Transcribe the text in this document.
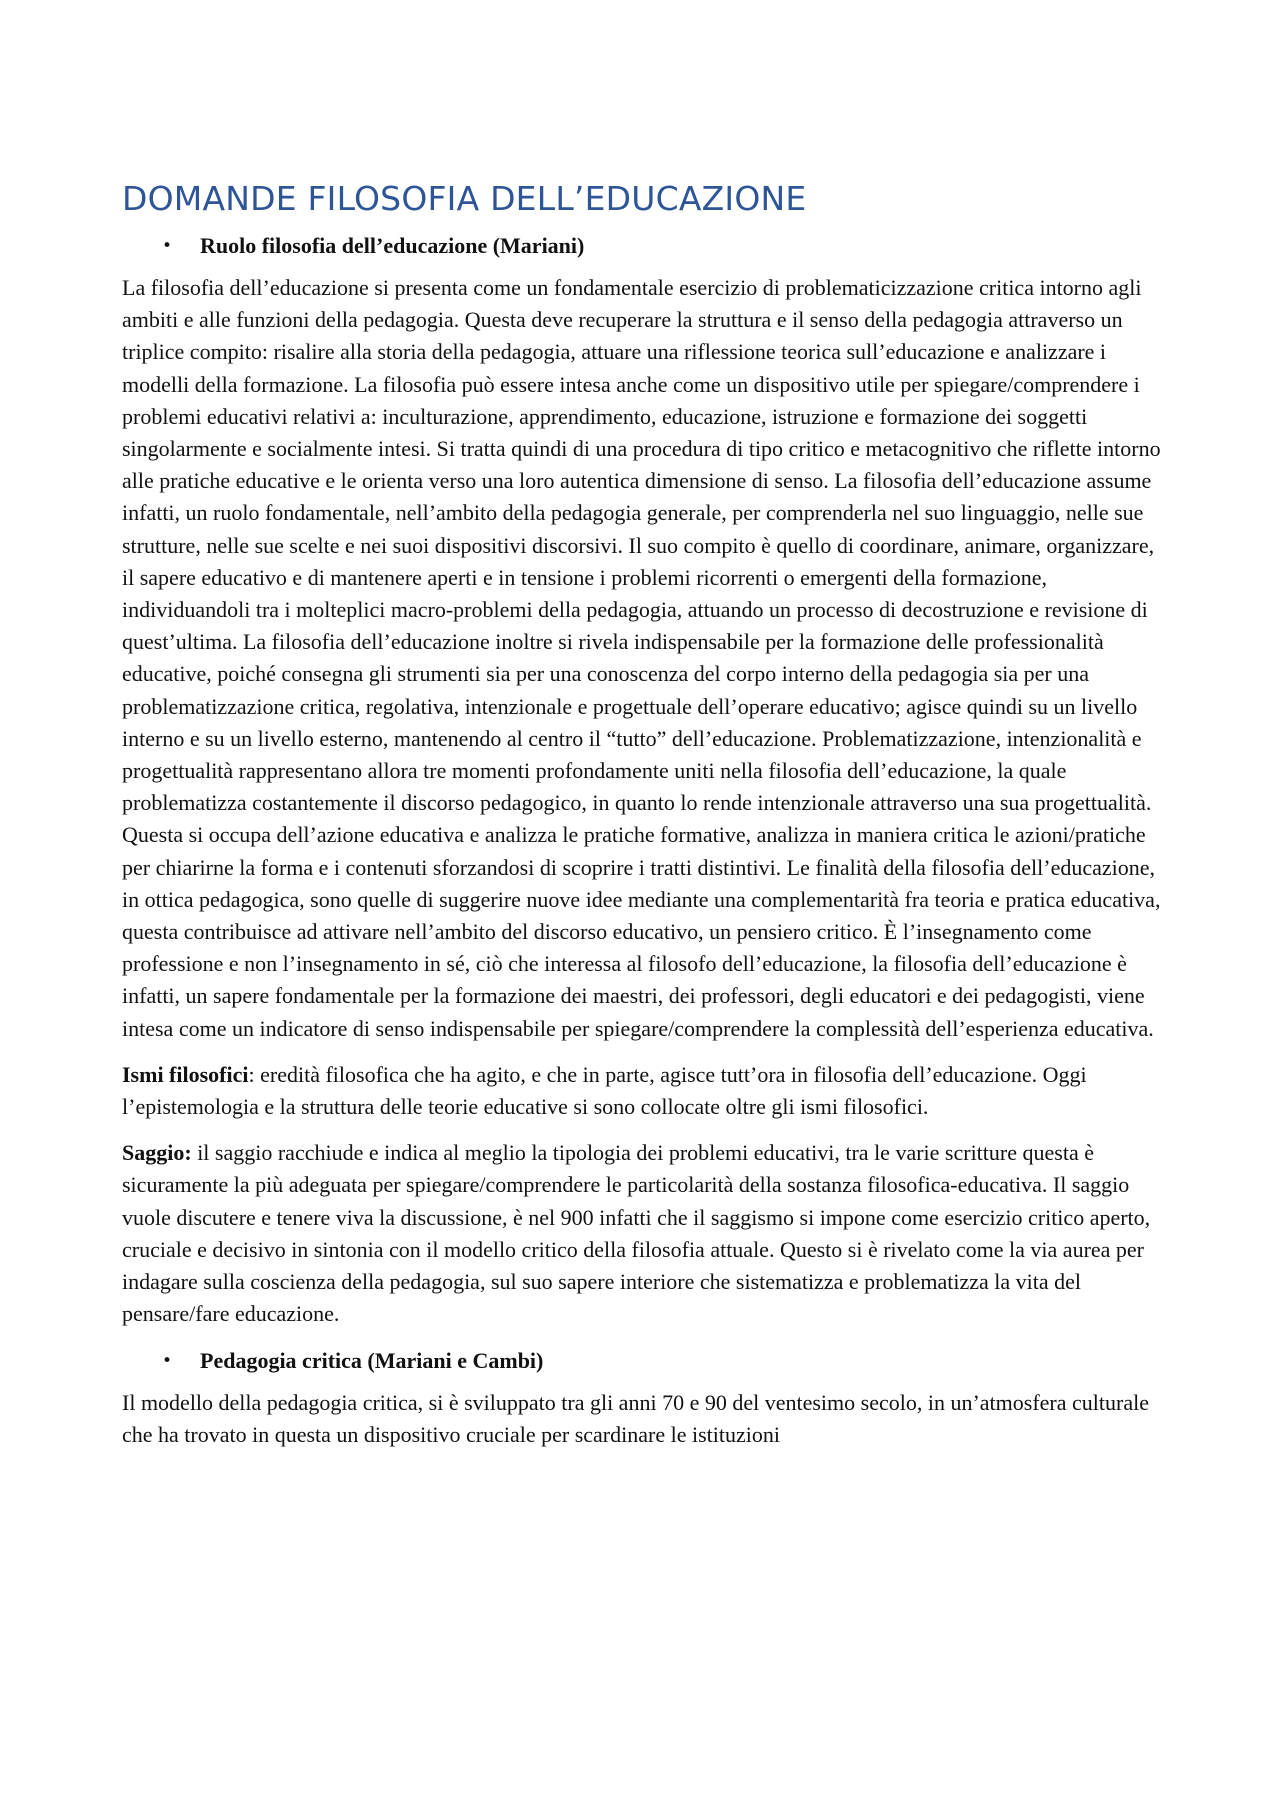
DOMANDE FILOSOFIA DELL’EDUCAZIONE
• Ruolo filosofia dell’educazione (Mariani)

La filosofia dell’educazione si presenta come un fondamentale esercizio di problematicizzazione critica intorno agli ambiti e alle funzioni della pedagogia. Questa deve recuperare la struttura e il senso della pedagogia attraverso un triplice compito: risalire alla storia della pedagogia, attuare una riflessione teorica sull’educazione e analizzare i modelli della formazione. La filosofia può essere intesa anche come un dispositivo utile per spiegare/comprendere i problemi educativi relativi a: inculturazione, apprendimento, educazione, istruzione e formazione dei soggetti singolarmente e socialmente intesi. Si tratta quindi di una procedura di tipo critico e metacognitivo che riflette intorno alle pratiche educative e le orienta verso una loro autentica dimensione di senso. La filosofia dell’educazione assume infatti, un ruolo fondamentale, nell’ambito della pedagogia generale, per comprenderla nel suo linguaggio, nelle sue strutture, nelle sue scelte e nei suoi dispositivi discorsivi. Il suo compito è quello di coordinare, animare, organizzare, il sapere educativo e di mantenere aperti e in tensione i problemi ricorrenti o emergenti della formazione, individuandoli tra i molteplici macro-problemi della pedagogia, attuando un processo di decostruzione e revisione di quest’ultima. La filosofia dell’educazione inoltre si rivela indispensabile per la formazione delle professionalità educative, poiché consegna gli strumenti sia per una conoscenza del corpo interno della pedagogia sia per una problematizzazione critica, regolativa, intenzionale e progettuale dell’operare educativo; agisce quindi su un livello interno e su un livello esterno, mantenendo al centro il “tutto” dell’educazione. Problematizzazione, intenzionalità e progettualità rappresentano allora tre momenti profondamente uniti nella filosofia dell’educazione, la quale problematizza costantemente il discorso pedagogico, in quanto lo rende intenzionale attraverso una sua progettualità. Questa si occupa dell’azione educativa e analizza le pratiche formative, analizza in maniera critica le azioni/pratiche per chiarirne la forma e i contenuti sforzandosi di scoprire i tratti distintivi. Le finalità della filosofia dell’educazione, in ottica pedagogica, sono quelle di suggerire nuove idee mediante una complementarità fra teoria e pratica educativa, questa contribuisce ad attivare nell’ambito del discorso educativo, un pensiero critico. È l’insegnamento come professione e non l’insegnamento in sé, ciò che interessa al filosofo dell’educazione, la filosofia dell’educazione è infatti, un sapere fondamentale per la formazione dei maestri, dei professori, degli educatori e dei pedagogisti, viene intesa come un indicatore di senso indispensabile per spiegare/comprendere la complessità dell’esperienza educativa.

Ismi filosofici: eredità filosofica che ha agito, e che in parte, agisce tutt’ora in filosofia dell’educazione. Oggi l’epistemologia e la struttura delle teorie educative si sono collocate oltre gli ismi filosofici.

Saggio: il saggio racchiude e indica al meglio la tipologia dei problemi educativi, tra le varie scritture questa è sicuramente la più adeguata per spiegare/comprendere le particolarità della sostanza filosofica-educativa. Il saggio vuole discutere e tenere viva la discussione, è nel 900 infatti che il saggismo si impone come esercizio critico aperto, cruciale e decisivo in sintonia con il modello critico della filosofia attuale. Questo si è rivelato come la via aurea per indagare sulla coscienza della pedagogia, sul suo sapere interiore che sistematizza e problematizza la vita del pensare/fare educazione.

• Pedagogia critica (Mariani e Cambi)

Il modello della pedagogia critica, si è sviluppato tra gli anni 70 e 90 del ventesimo secolo, in un’atmosfera culturale che ha trovato in questa un dispositivo cruciale per scardinare le istituzioni
